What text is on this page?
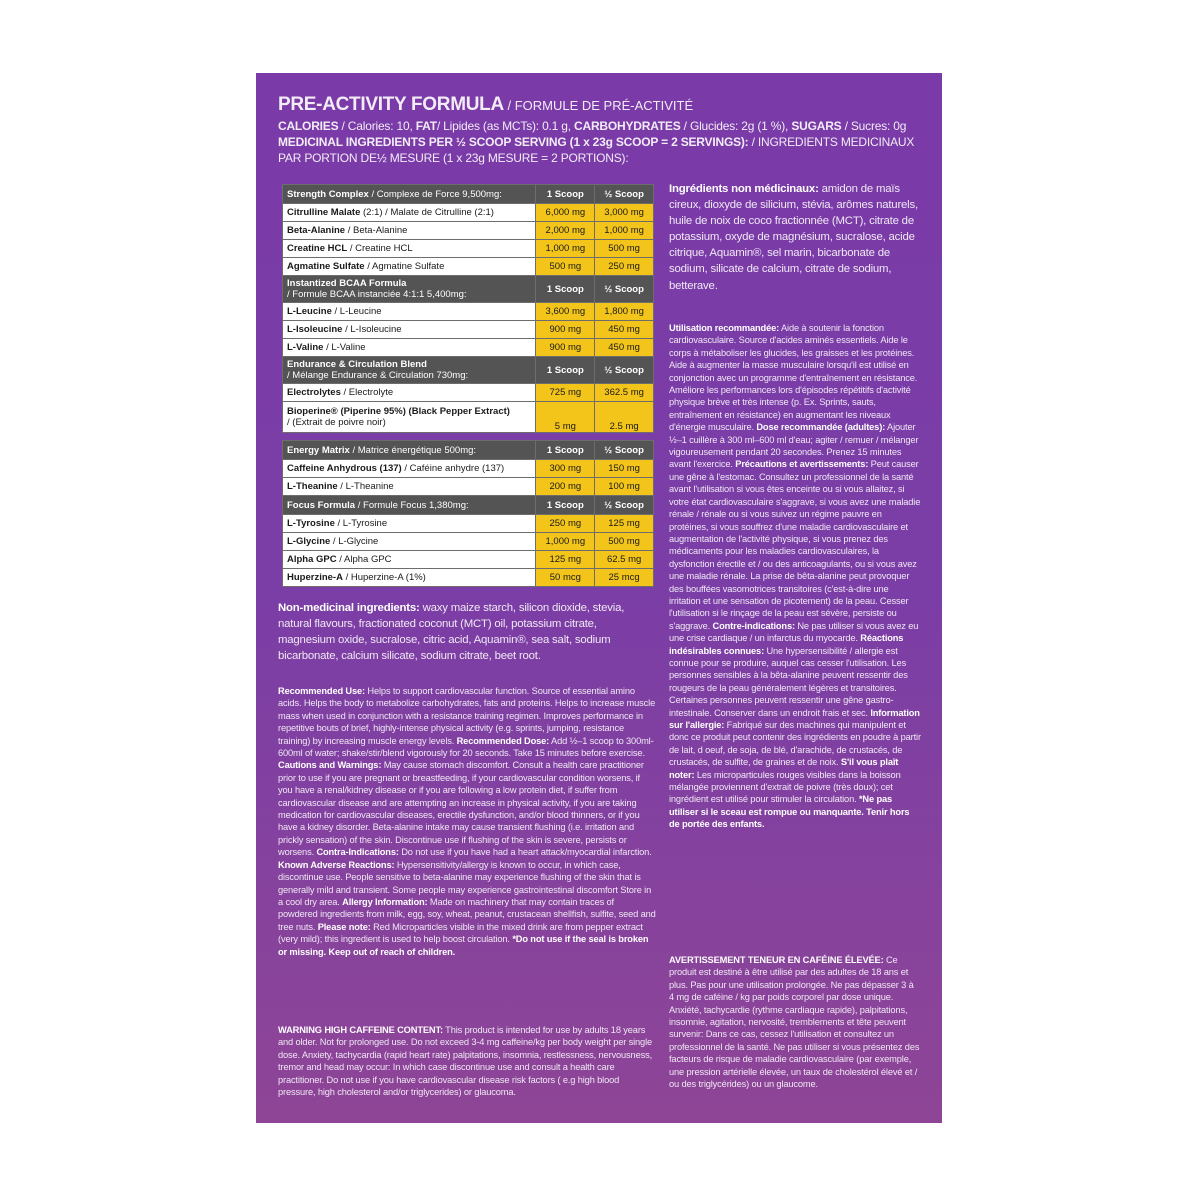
PRE-ACTIVITY FORMULA / FORMULE DE PRÉ-ACTIVITÉ
CALORIES / Calories: 10, FAT/ Lipides (as MCTs): 0.1 g, CARBOHYDRATES / Glucides: 2g (1 %), SUGARS / Sucres: 0g
MEDICINAL INGREDIENTS PER ½ SCOOP SERVING (1 x 23g SCOOP = 2 SERVINGS): / INGREDIENTS MEDICINAUX
PAR PORTION DE½ MESURE (1 x 23g MESURE = 2 PORTIONS):
Strength Complex / Complexe de Force 9,500mg:	1 Scoop	½ Scoop
Citrulline Malate (2:1) / Malate de Citrulline (2:1)	6,000 mg	3,000 mg
Beta-Alanine / Beta-Alanine	2,000 mg	1,000 mg
Creatine HCL / Creatine HCL	1,000 mg	500 mg
Agmatine Sulfate / Agmatine Sulfate	500 mg	250 mg
Instantized BCAA Formula
/ Formule BCAA instanciée 4:1:1 5,400mg:	1 Scoop	½ Scoop
L-Leucine / L-Leucine	3,600 mg	1,800 mg
L-Isoleucine / L-Isoleucine	900 mg	450 mg
L-Valine / L-Valine	900 mg	450 mg
Endurance & Circulation Blend
/ Mélange Endurance & Circulation 730mg:	1 Scoop	½ Scoop
Electrolytes / Electrolyte	725 mg	362.5 mg
Bioperine® (Piperine 95%) (Black Pepper Extract)
/ (Extrait de poivre noir)	5 mg	2.5 mg
Energy Matrix / Matrice énergétique 500mg:	1 Scoop	½ Scoop
Caffeine Anhydrous (137) / Caféine anhydre (137)	300 mg	150 mg
L-Theanine / L-Theanine	200 mg	100 mg
Focus Formula / Formule Focus 1,380mg:	1 Scoop	½ Scoop
L-Tyrosine / L-Tyrosine	250 mg	125 mg
L-Glycine / L-Glycine	1,000 mg	500 mg
Alpha GPC / Alpha GPC	125 mg	62.5 mg
Huperzine-A / Huperzine-A (1%)	50 mcg	25 mcg

Non-medicinal ingredients: waxy maize starch, silicon dioxide, stevia, natural flavours, fractionated coconut (MCT) oil, potassium citrate, magnesium oxide, sucralose, citric acid, Aquamin®, sea salt, sodium bicarbonate, calcium silicate, sodium citrate, beet root.

Ingrédients non médicinaux: amidon de maïs cireux, dioxyde de silicium, stévia, arômes naturels, huile de noix de coco fractionnée (MCT), citrate de potassium, oxyde de magnésium, sucralose, acide citrique, Aquamin®, sel marin, bicarbonate de sodium, silicate de calcium, citrate de sodium, betterave.

Recommended Use: Helps to support cardiovascular function. Source of essential amino acids. Helps the body to metabolize carbohydrates, fats and proteins. Helps to increase muscle mass when used in conjunction with a resistance training regimen. Improves performance in repetitive bouts of brief, highly-intense physical activity (e.g. sprints, jumping, resistance training) by increasing muscle energy levels. Recommended Dose: Add ½–1 scoop to 300ml-600ml of water; shake/stir/blend vigorously for 20 seconds. Take 15 minutes before exercise. Cautions and Warnings: May cause stomach discomfort. Consult a health care practitioner prior to use if you are pregnant or breastfeeding, if your cardiovascular condition worsens, if you have a renal/kidney disease or if you are following a low protein diet, if suffer from cardiovascular disease and are attempting an increase in physical activity, if you are taking medication for cardiovascular diseases, erectile dysfunction, and/or blood thinners, or if you have a kidney disorder. Beta-alanine intake may cause transient flushing (i.e. irritation and prickly sensation) of the skin. Discontinue use if flushing of the skin is severe, persists or worsens. Contra-Indications: Do not use if you have had a heart attack/myocardial infarction. Known Adverse Reactions: Hypersensitivity/allergy is known to occur, in which case, discontinue use. People sensitive to beta-alanine may experience flushing of the skin that is generally mild and transient. Some people may experience gastrointestinal discomfort Store in a cool dry area. Allergy Information: Made on machinery that may contain traces of powdered ingredients from milk, egg, soy, wheat, peanut, crustacean shellfish, sulfite, seed and tree nuts. Please note: Red Microparticles visible in the mixed drink are from pepper extract (very mild); this ingredient is used to help boost circulation. *Do not use if the seal is broken or missing. Keep out of reach of children.

WARNING HIGH CAFFEINE CONTENT: This product is intended for use by adults 18 years and older. Not for prolonged use. Do not exceed 3-4 mg caffeine/kg per body weight per single dose. Anxiety, tachycardia (rapid heart rate) palpitations, insomnia, restlessness, nervousness, tremor and head may occur: In which case discontinue use and consult a health care practitioner. Do not use if you have cardiovascular disease risk factors ( e.g high blood pressure, high cholesterol and/or triglycerides) or glaucoma.

Utilisation recommandée: Aide à soutenir la fonction cardiovasculaire. Source d'acides aminés essentiels. Aide le corps à métaboliser les glucides, les graisses et les protéines. Aide à augmenter la masse musculaire lorsqu'il est utilisé en conjonction avec un programme d'entraînement en résistance. Améliore les performances lors d'épisodes répétitifs d'activité physique brève et très intense (p. Ex. Sprints, sauts, entraînement en résistance) en augmentant les niveaux d'énergie musculaire. Dose recommandée (adultes): Ajouter ½–1 cuillère à 300 ml–600 ml d'eau; agiter / remuer / mélanger vigoureusement pendant 20 secondes. Prenez 15 minutes avant l'exercice. Précautions et avertissements: Peut causer une gêne à l'estomac. Consultez un professionnel de la santé avant l'utilisation si vous êtes enceinte ou si vous allaitez, si votre état cardiovasculaire s'aggrave, si vous avez une maladie rénale / rénale ou si vous suivez un régime pauvre en protéines, si vous souffrez d'une maladie cardiovasculaire et augmentation de l'activité physique, si vous prenez des médicaments pour les maladies cardiovasculaires, la dysfonction érectile et / ou des anticoagulants, ou si vous avez une maladie rénale. La prise de bêta-alanine peut provoquer des bouffées vasomotrices transitoires (c'est-à-dire une irritation et une sensation de picotement) de la peau. Cesser l'utilisation si le rinçage de la peau est sévère, persiste ou s'aggrave. Contre-indications: Ne pas utiliser si vous avez eu une crise cardiaque / un infarctus du myocarde. Réactions indésirables connues: Une hypersensibilité / allergie est connue pour se produire, auquel cas cesser l'utilisation. Les personnes sensibles à la bêta-alanine peuvent ressentir des rougeurs de la peau généralement légères et transitoires. Certaines personnes peuvent ressentir une gêne gastro-intestinale. Conserver dans un endroit frais et sec. Information sur l'allergie: Fabriqué sur des machines qui manipulent et donc ce produit peut contenir des ingrédients en poudre à partir de lait, d oeuf, de soja, de blé, d'arachide, de crustacés, de crustacés, de sulfite, de graines et de noix. S'il vous plaît noter: Les microparticules rouges visibles dans la boisson mélangée proviennent d'extrait de poivre (très doux); cet ingrédient est utilisé pour stimuler la circulation. *Ne pas utiliser si le sceau est rompue ou manquante. Tenir hors de portée des enfants.

AVERTISSEMENT TENEUR EN CAFÉINE ÉLEVÉE: Ce produit est destiné à être utilisé par des adultes de 18 ans et plus. Pas pour une utilisation prolongée. Ne pas dépasser 3 à 4 mg de caféine / kg par poids corporel par dose unique. Anxiété, tachycardie (rythme cardiaque rapide), palpitations, insomnie, agitation, nervosité, tremblements et tête peuvent survenir: Dans ce cas, cessez l'utilisation et consultez un professionnel de la santé. Ne pas utiliser si vous présentez des facteurs de risque de maladie cardiovasculaire (par exemple, une pression artérielle élevée, un taux de cholestérol élevé et / ou des triglycérides) ou un glaucome.
